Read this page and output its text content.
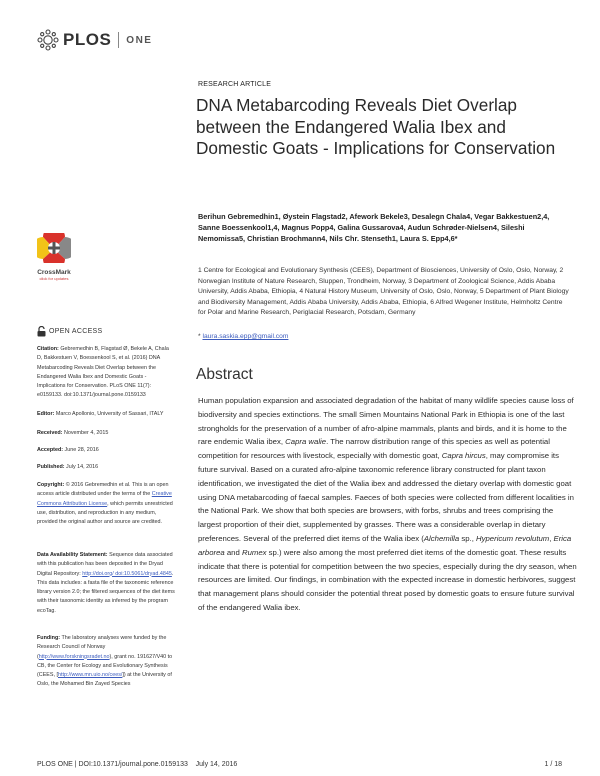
PLOS ONE
RESEARCH ARTICLE
DNA Metabarcoding Reveals Diet Overlap between the Endangered Walia Ibex and Domestic Goats - Implications for Conservation
Berihun Gebremedhin1, Øystein Flagstad2, Afework Bekele3, Desalegn Chala4, Vegar Bakkestuen2,4, Sanne Boessenkool1,4, Magnus Popp4, Galina Gussarova4, Audun Schrøder-Nielsen4, Sileshi Nemomissa5, Christian Brochmann4, Nils Chr. Stenseth1, Laura S. Epp4,6*
1 Centre for Ecological and Evolutionary Synthesis (CEES), Department of Biosciences, University of Oslo, Oslo, Norway, 2 Norwegian Institute of Nature Research, Sluppen, Trondheim, Norway, 3 Department of Zoological Science, Addis Ababa University, Addis Ababa, Ethiopia, 4 Natural History Museum, University of Oslo, Oslo, Norway, 5 Department of Plant Biology and Biodiversity Management, Addis Ababa University, Addis Ababa, Ethiopia, 6 Alfred Wegener Institute, Helmholtz Centre for Polar and Marine Research, Periglacial Research, Potsdam, Germany
* laura.saskia.epp@gmail.com
Abstract
Human population expansion and associated degradation of the habitat of many wildlife species cause loss of biodiversity and species extinctions. The small Simen Mountains National Park in Ethiopia is one of the last strongholds for the preservation of a number of afro-alpine mammals, plants and birds, and it is home to the rare endemic Walia ibex, Capra walie. The narrow distribution range of this species as well as potential competition for resources with livestock, especially with domestic goat, Capra hircus, may compromise its future survival. Based on a curated afro-alpine taxonomic reference library constructed for plant taxon identification, we investigated the diet of the Walia ibex and addressed the dietary overlap with domestic goat using DNA metabarcoding of faecal samples. Faeces of both species were collected from different localities in the National Park. We show that both species are browsers, with forbs, shrubs and trees comprising the largest proportion of their diet, supplemented by grasses. There was a considerable overlap in dietary preferences. Several of the preferred diet items of the Walia ibex (Alchemilla sp., Hypericum revolutum, Erica arborea and Rumex sp.) were also among the most preferred diet items of the domestic goat. These results indicate that there is potential for competition between the two species, especially during the dry season, when resources are limited. Our findings, in combination with the expected increase in domestic herbivores, suggest that management plans should consider the potential threat posed by domestic goats to ensure future survival of the endangered Walia ibex.
CrossMark
click for updates
OPEN ACCESS
Citation: Gebremedhin B, Flagstad Ø, Bekele A, Chala D, Bakkestuen V, Boessenkool S, et al. (2016) DNA Metabarcoding Reveals Diet Overlap between the Endangered Walia Ibex and Domestic Goats - Implications for Conservation. PLoS ONE 11(7): e0159133. doi:10.1371/journal.pone.0159133
Editor: Marco Apollonio, University of Sassari, ITALY
Received: November 4, 2015
Accepted: June 28, 2016
Published: July 14, 2016
Copyright: © 2016 Gebremedhin et al. This is an open access article distributed under the terms of the Creative Commons Attribution License, which permits unrestricted use, distribution, and reproduction in any medium, provided the original author and source are credited.
Data Availability Statement: Sequence data associated with this publication has been deposited in the Dryad Digital Repository: http://doi.org/ doi:10.5061/dryad.4845. This data includes: a fasta file of the taxonomic reference library version 2.0; the filtered sequences of the diet items with their taxonomic identity as inferred by the program ecoTag.
Funding: The laboratory analyses were funded by the Research Council of Norway (http://www.forskningsradet.no), grant no. 191627/V40 to CB, the Center for Ecology and Evolutionary Synthesis (CEES, [http://www.mn.uio.no/cees/]) at the University of Oslo, the Mohamed Bin Zayed Species
PLOS ONE | DOI:10.1371/journal.pone.0159133    July 14, 2016	1 / 18
